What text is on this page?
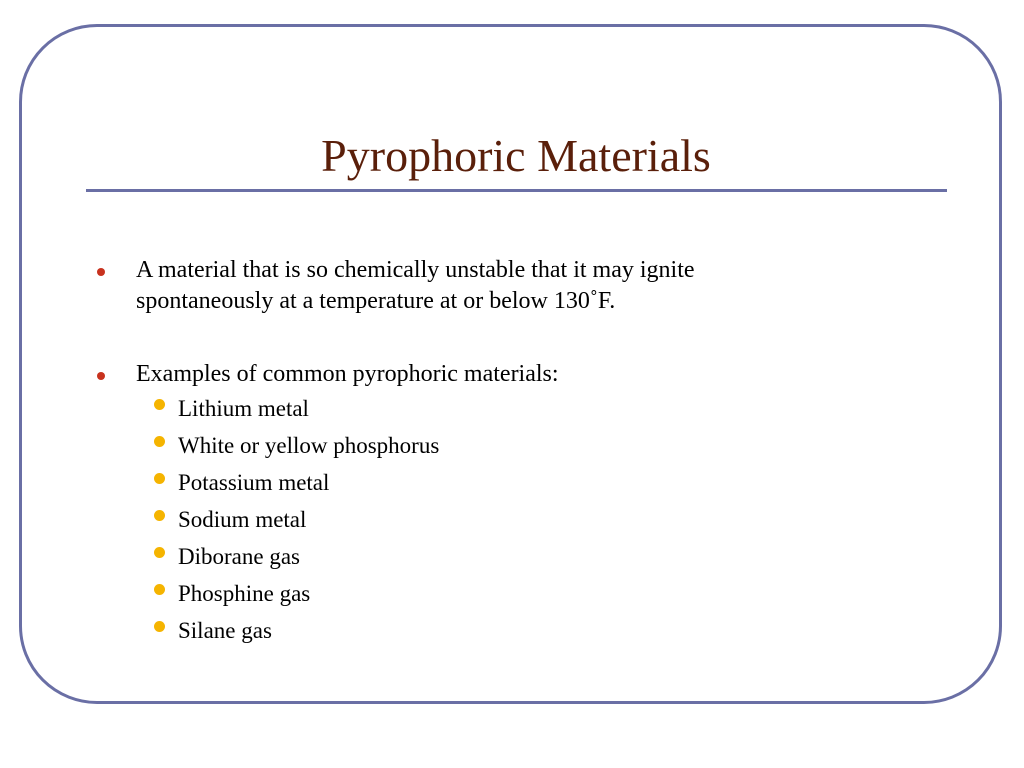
Pyrophoric Materials
A material that is so chemically unstable that it may ignite
spontaneously at a temperature at or below 130˚F.
Examples of common pyrophoric materials:
Lithium metal
White or yellow phosphorus
Potassium metal
Sodium metal
Diborane gas
Phosphine gas
Silane gas
